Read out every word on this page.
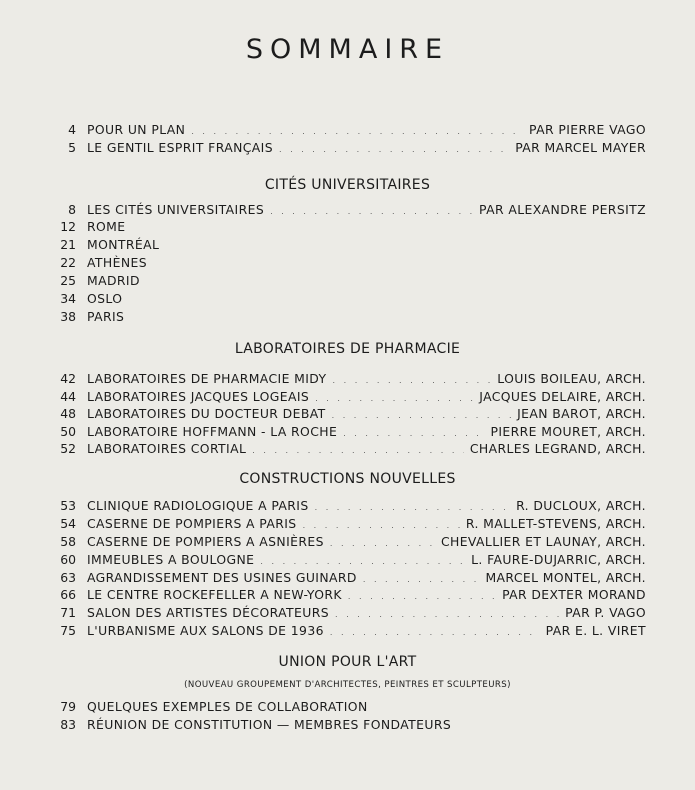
SOMMAIRE
4 POUR UN PLAN . . .	PAR PIERRE VAGO
5 LE GENTIL ESPRIT FRANÇAIS . . .	PAR MARCEL MAYER
CITÉS UNIVERSITAIRES
8 LES CITÉS UNIVERSITAIRES . . .	PAR ALEXANDRE PERSITZ
12 ROME
21 MONTRÉAL
22 ATHÈNES
25 MADRID
34 OSLO
38 PARIS
LABORATOIRES DE PHARMACIE
42 LABORATOIRES DE PHARMACIE MIDY . . .	LOUIS BOILEAU, ARCH.
44 LABORATOIRES JACQUES LOGEAIS . . .	JACQUES DELAIRE, ARCH.
48 LABORATOIRES DU DOCTEUR DEBAT . . .	JEAN BAROT, ARCH.
50 LABORATOIRE HOFFMANN - LA ROCHE . . .	PIERRE MOURET, ARCH.
52 LABORATOIRES CORTIAL . . .	CHARLES LEGRAND, ARCH.
CONSTRUCTIONS NOUVELLES
53 CLINIQUE RADIOLOGIQUE A PARIS . . .	R. DUCLOUX, ARCH.
54 CASERNE DE POMPIERS A PARIS . . .	R. MALLET-STEVENS, ARCH.
58 CASERNE DE POMPIERS A ASNIÈRES . . .	CHEVALLIER ET LAUNAY, ARCH.
60 IMMEUBLES A BOULOGNE . . .	L. FAURE-DUJARRIC, ARCH.
63 AGRANDISSEMENT DES USINES GUINARD . . .	MARCEL MONTEL, ARCH.
66 LE CENTRE ROCKEFELLER A NEW-YORK . . .	PAR DEXTER MORAND
71 SALON DES ARTISTES DÉCORATEURS . . .	PAR P. VAGO
75 L'URBANISME AUX SALONS DE 1936 . . .	PAR E. L. VIRET
UNION POUR L'ART
(NOUVEAU GROUPEMENT D'ARCHITECTES, PEINTRES ET SCULPTEURS)
79 QUELQUES EXEMPLES DE COLLABORATION
83 RÉUNION DE CONSTITUTION — MEMBRES FONDATEURS
